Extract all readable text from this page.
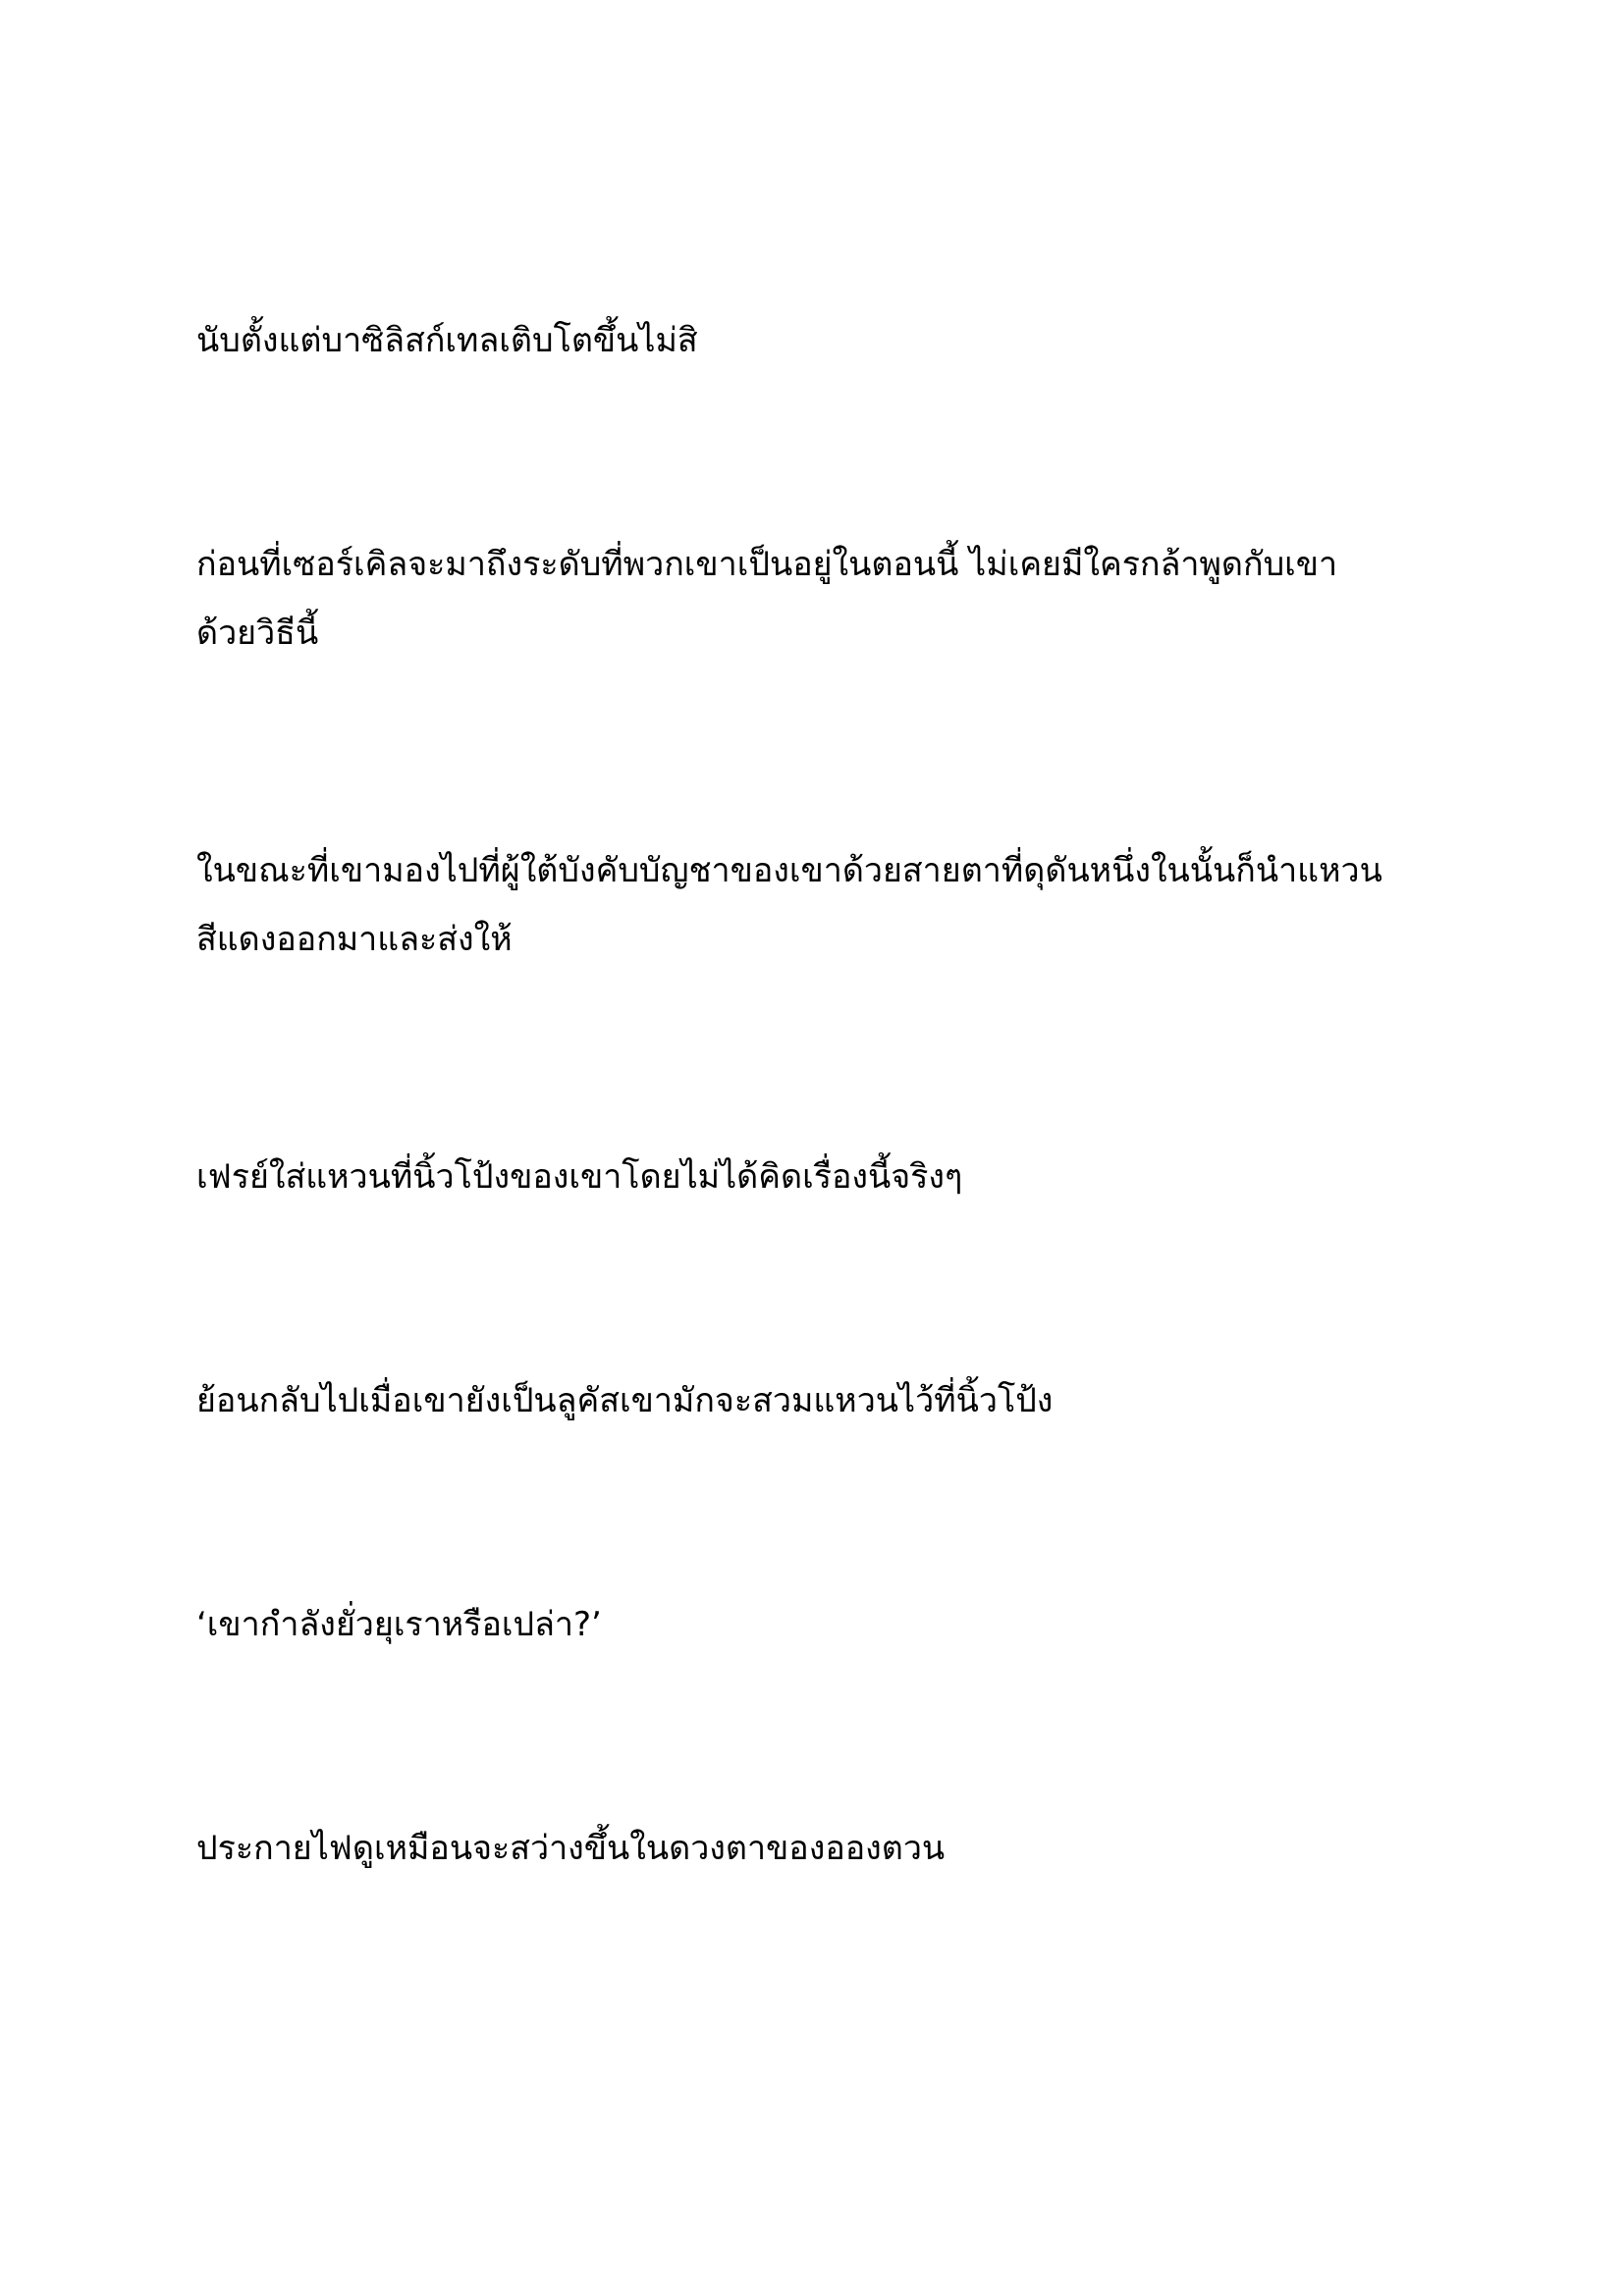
นับตั้งแต่บาซิลิสก์เทลเติบโตขึ้นไม่สิ

ก่อนที่เซอร์เคิลจะมาถึงระดับที่พวกเขาเป็นอยู่ในตอนนี้ ไม่เคยมีใครกล้าพูดกับเขา
ด้วยวิธีนี้

ในขณะที่เขามองไปที่ผู้ใต้บังคับบัญชาของเขาด้วยสายตาที่ดุดันหนึ่งในนั้นก็นำแหวน
สีแดงออกมาและส่งให้

เฟรย์ใส่แหวนที่นิ้วโป้งของเขาโดยไม่ได้คิดเรื่องนี้จริงๆ

ย้อนกลับไปเมื่อเขายังเป็นลูคัสเขามักจะสวมแหวนไว้ที่นิ้วโป้ง

‘เขากำลังยั่วยุเราหรือเปล่า?’

ประกายไฟดูเหมือนจะสว่างขึ้นในดวงตาของอองตวน
